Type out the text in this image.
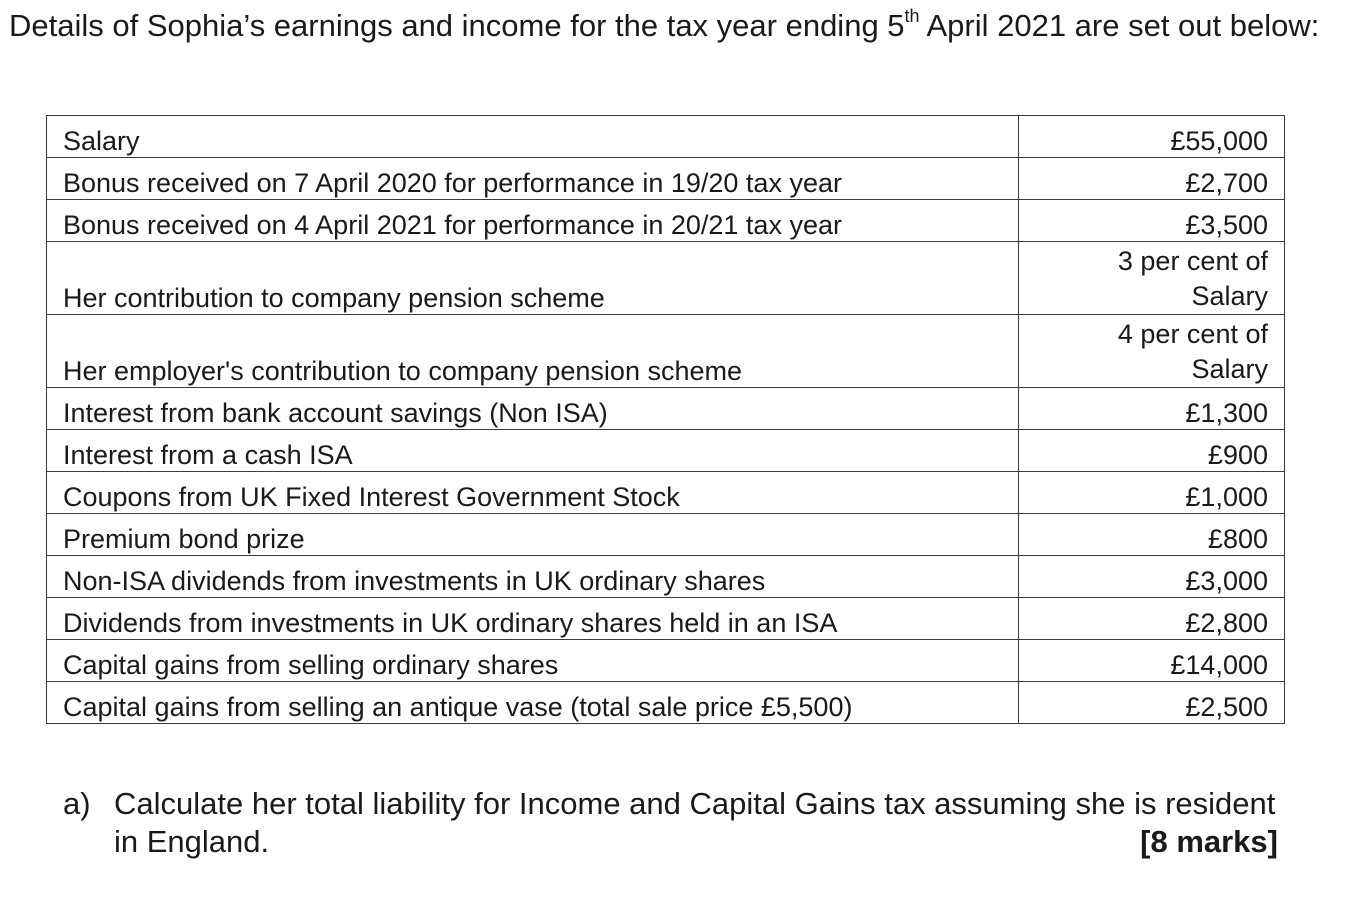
Details of Sophia’s earnings and income for the tax year ending 5th April 2021 are set out below:

Salary	£55,000
Bonus received on 7 April 2020 for performance in 19/20 tax year	£2,700
Bonus received on 4 April 2021 for performance in 20/21 tax year	£3,500
Her contribution to company pension scheme	3 per cent of
Salary
Her employer's contribution to company pension scheme	4 per cent of
Salary
Interest from bank account savings (Non ISA)	£1,300
Interest from a cash ISA	£900
Coupons from UK Fixed Interest Government Stock	£1,000
Premium bond prize	£800
Non-ISA dividends from investments in UK ordinary shares	£3,000
Dividends from investments in UK ordinary shares held in an ISA	£2,800
Capital gains from selling ordinary shares	£14,000
Capital gains from selling an antique vase (total sale price £5,500)	£2,500
a) Calculate her total liability for Income and Capital Gains tax assuming she is resident in England.	[8 marks]
